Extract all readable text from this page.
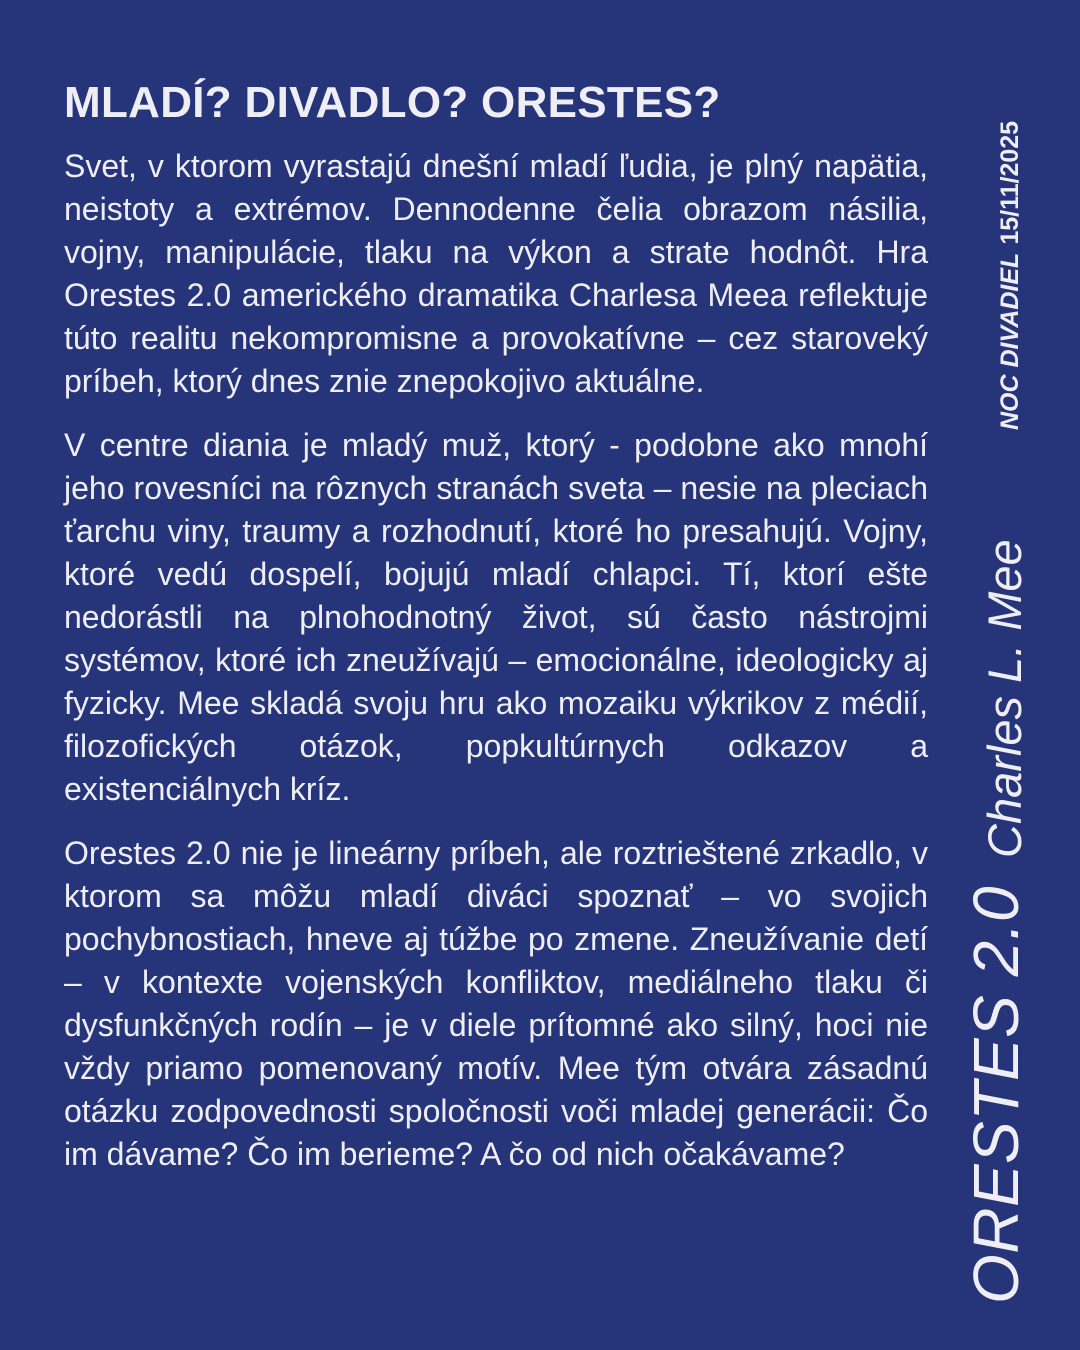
MLADÍ? DIVADLO? ORESTES?

Svet, v ktorom vyrastajú dnešní mladí ľudia, je plný napätia, neistoty a extrémov. Dennodenne čelia obrazom násilia, vojny, manipulácie, tlaku na výkon a strate hodnôt. Hra Orestes 2.0 amerického dramatika Charlesa Meea reflektuje túto realitu nekompromisne a provokatívne – cez staroveký príbeh, ktorý dnes znie znepokojivo aktuálne.

V centre diania je mladý muž, ktorý - podobne ako mnohí jeho rovesníci na rôznych stranách sveta – nesie na pleciach ťarchu viny, traumy a rozhodnutí, ktoré ho presahujú. Vojny, ktoré vedú dospelí, bojujú mladí chlapci. Tí, ktorí ešte nedorástli na plnohodnotný život, sú často nástrojmi systémov, ktoré ich zneužívajú – emocionálne, ideologicky aj fyzicky. Mee skladá svoju hru ako mozaiku výkrikov z médií, filozofických otázok, popkultúrnych odkazov a existenciálnych kríz.

Orestes 2.0 nie je lineárny príbeh, ale roztrieštené zrkadlo, v ktorom sa môžu mladí diváci spoznať – vo svojich pochybnostiach, hneve aj túžbe po zmene. Zneužívanie detí – v kontexte vojenských konfliktov, mediálneho tlaku či dysfunkčných rodín – je v diele prítomné ako silný, hoci nie vždy priamo pomenovaný motív. Mee tým otvára zásadnú otázku zodpovednosti spoločnosti voči mladej generácii: Čo im dávame? Čo im berieme? A čo od nich očakávame?

NOC DIVADIEL15/11/2025
Charles L. Mee
ORESTES 2.0
